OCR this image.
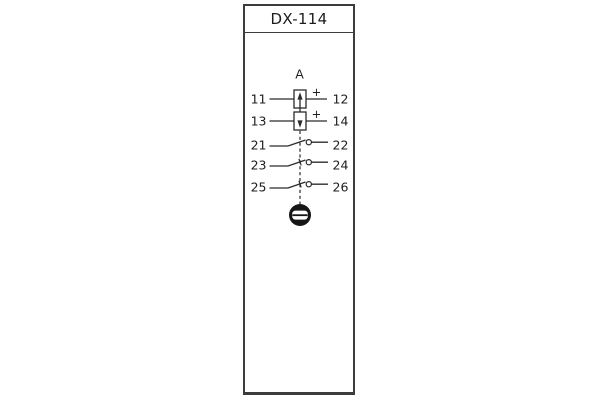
DX-114
A
11	+ 12
13	+ 14
21	22
23	24
25	26
